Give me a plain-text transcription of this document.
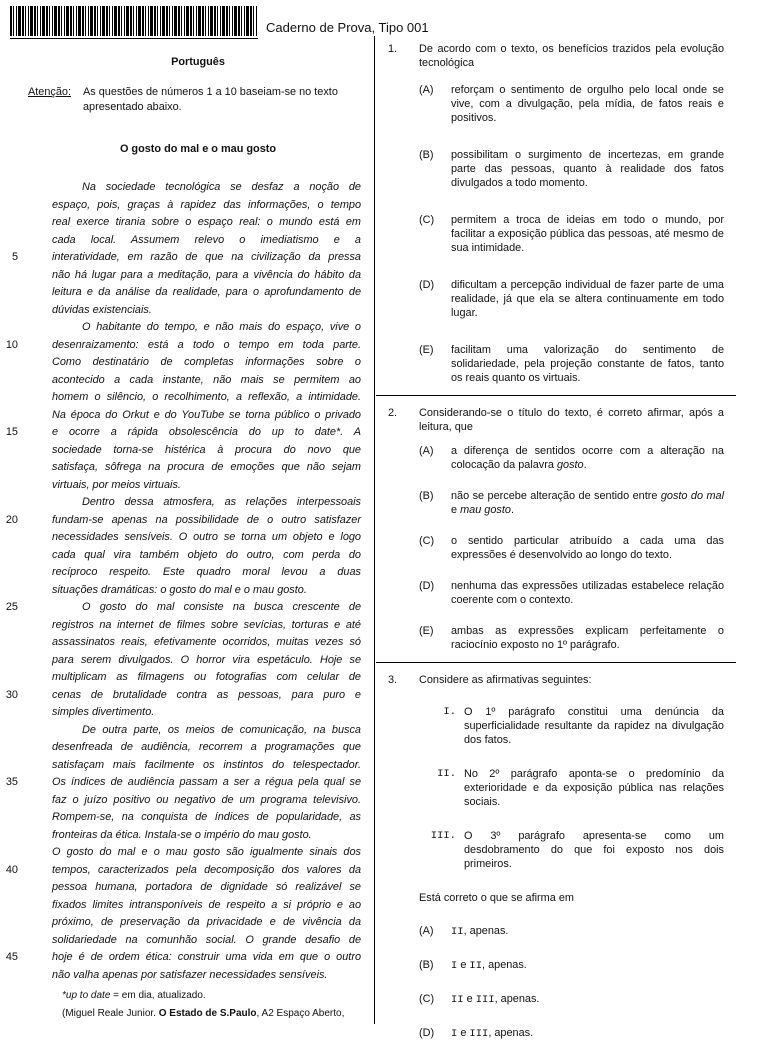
Caderno de Prova, Tipo 001
Português
Atenção:	As questões de números 1 a 10 baseiam-se no texto apresentado abaixo.
O gosto do mal e o mau gosto
Na sociedade tecnológica se desfaz a noção de
espaço, pois, graças à rapidez das informações, o tempo
real exerce tirania sobre o espaço real: o mundo está em
cada local. Assumem relevo o imediatismo e a
5	interatividade, em razão de que na civilização da pressa
não há lugar para a meditação, para a vivência do hábito da
leitura e da análise da realidade, para o aprofundamento de
dúvidas existenciais.
O habitante do tempo, e não mais do espaço, vive o
10	desenraizamento: está a todo o tempo em toda parte.
Como destinatário de completas informações sobre o
acontecido a cada instante, não mais se permitem ao
homem o silêncio, o recolhimento, a reflexão, a intimidade.
Na época do Orkut e do YouTube se torna público o privado
15	e ocorre a rápida obsolescência do up to date*. A
sociedade torna-se histérica à procura do novo que
satisfaça, sôfrega na procura de emoções que não sejam
virtuais, por meios virtuais.
Dentro dessa atmosfera, as relações interpessoais
20	fundam-se apenas na possibilidade de o outro satisfazer
necessidades sensíveis. O outro se torna um objeto e logo
cada qual vira também objeto do outro, com perda do
recíproco respeito. Este quadro moral levou a duas
situações dramáticas: o gosto do mal e o mau gosto.
25	O gosto do mal consiste na busca crescente de
registros na internet de filmes sobre sevícias, torturas e até
assassinatos reais, efetivamente ocorridos, muitas vezes só
para serem divulgados. O horror vira espetáculo. Hoje se
multiplicam as filmagens ou fotografias com celular de
30	cenas de brutalidade contra as pessoas, para puro e
simples divertimento.
De outra parte, os meios de comunicação, na busca
desenfreada de audiência, recorrem a programações que
satisfaçam mais facilmente os instintos do telespectador.
35	Os índices de audiência passam a ser a régua pela qual se
faz o juízo positivo ou negativo de um programa televisivo.
Rompem-se, na conquista de índices de popularidade, as
fronteiras da ética. Instala-se o império do mau gosto.
O gosto do mal e o mau gosto são igualmente sinais dos
40	tempos, caracterizados pela decomposição dos valores da
pessoa humana, portadora de dignidade só realizável se
fixados limites intransponíveis de respeito a si próprio e ao
próximo, de preservação da privacidade e de vivência da
solidariedade na comunhão social. O grande desafio de
45	hoje é de ordem ética: construir uma vida em que o outro
não valha apenas por satisfazer necessidades sensíveis.
*up to date = em dia, atualizado.
(Miguel Reale Junior. O Estado de S.Paulo, A2 Espaço Aberto,
1. De acordo com o texto, os benefícios trazidos pela evolução tecnológica
(A)	reforçam o sentimento de orgulho pelo local onde se vive, com a divulgação, pela mídia, de fatos reais e positivos.
(B)	possibilitam o surgimento de incertezas, em grande parte das pessoas, quanto à realidade dos fatos divulgados a todo momento.
(C)	permitem a troca de ideias em todo o mundo, por facilitar a exposição pública das pessoas, até mesmo de sua intimidade.
(D)	dificultam a percepção individual de fazer parte de uma realidade, já que ela se altera continuamente em todo lugar.
(E)	facilitam uma valorização do sentimento de solidariedade, pela projeção constante de fatos, tanto os reais quanto os virtuais.
2. Considerando-se o título do texto, é correto afirmar, após a leitura, que
(A)	a diferença de sentidos ocorre com a alteração na colocação da palavra gosto.
(B)	não se percebe alteração de sentido entre gosto do mal e mau gosto.
(C)	o sentido particular atribuído a cada uma das expressões é desenvolvido ao longo do texto.
(D)	nenhuma das expressões utilizadas estabelece relação coerente com o contexto.
(E)	ambas as expressões explicam perfeitamente o raciocínio exposto no 1º parágrafo.
3. Considere as afirmativas seguintes:
I. O 1º parágrafo constitui uma denúncia da superficialidade resultante da rapidez na divulgação dos fatos.
II. No 2º parágrafo aponta-se o predomínio da exterioridade e da exposição pública nas relações sociais.
III. O 3º parágrafo apresenta-se como um desdobramento do que foi exposto nos dois primeiros.
Está correto o que se afirma em
(A)	II, apenas.
(B)	I e II, apenas.
(C)	II e III, apenas.
(D)	I e III, apenas.
